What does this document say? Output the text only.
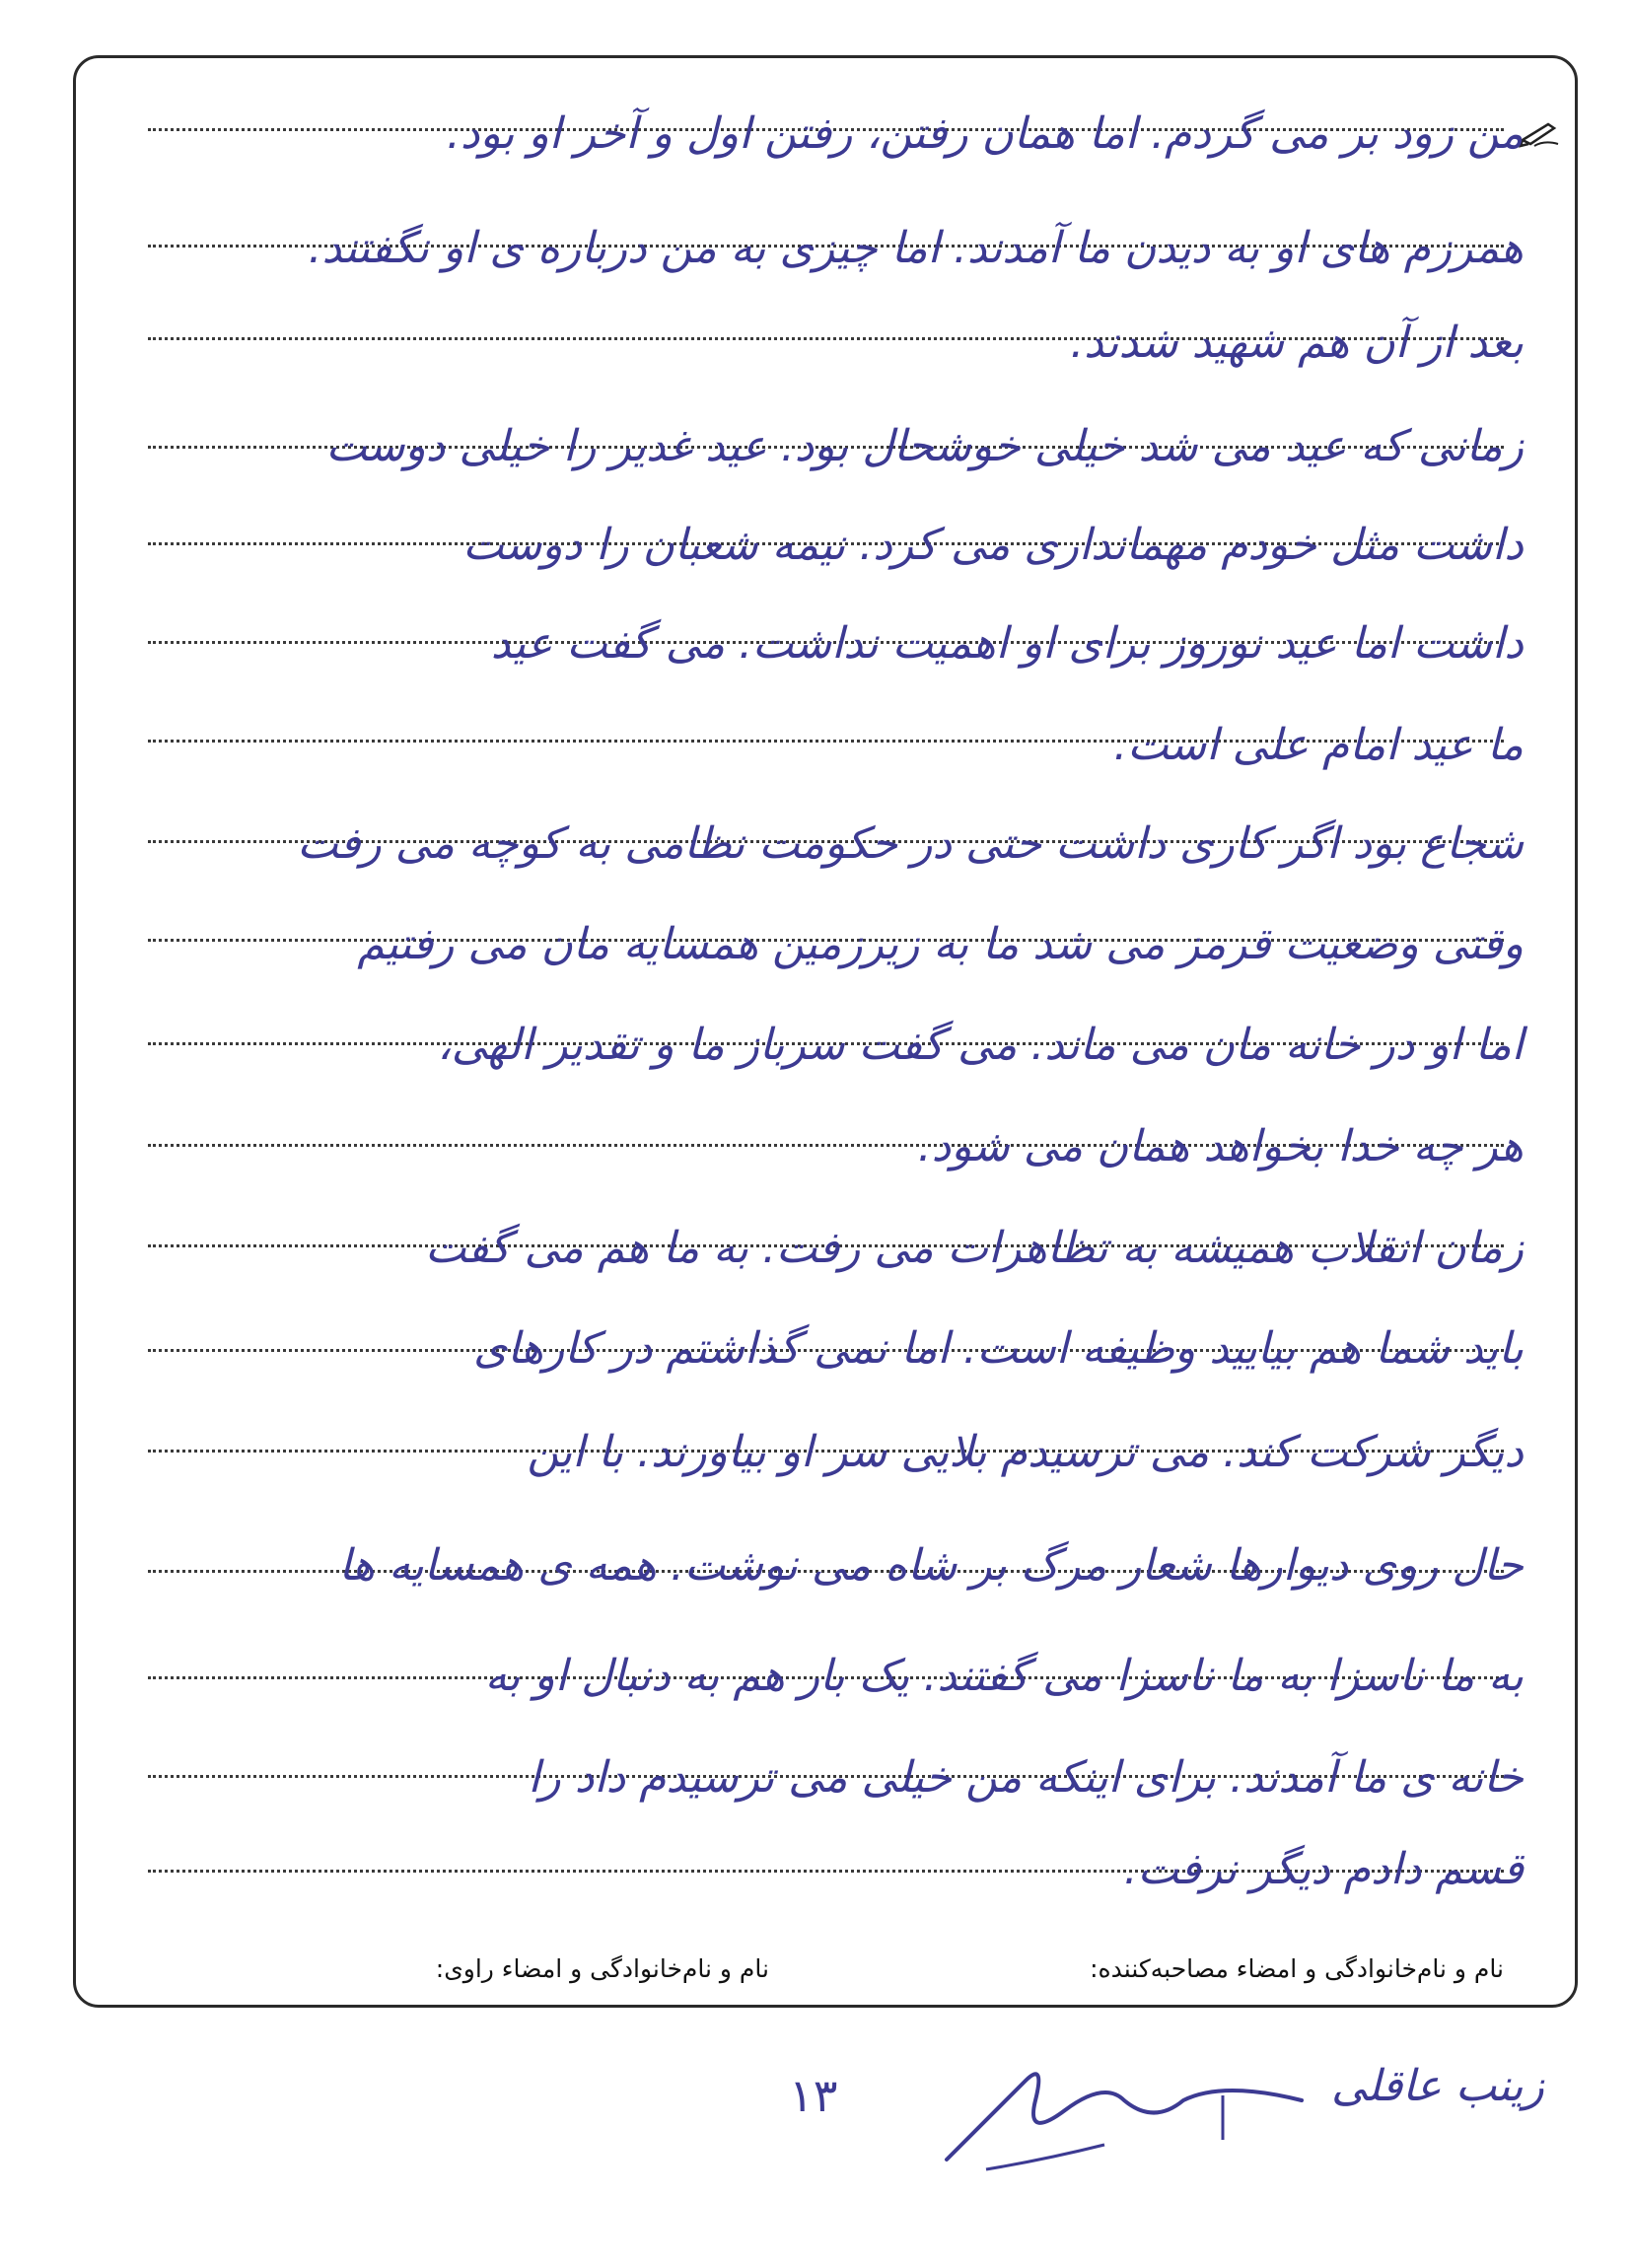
من زود بر می گردم. اما همان رفتن، رفتن اول و آخر او بود.
همرزم های او به دیدن ما آمدند. اما چیزی به من درباره ی او نگفتند.
بعد از آن هم شهید شدند.
زمانی که عید می شد خیلی خوشحال بود. عید غدیر را خیلی دوست
داشت مثل خودم مهمانداری می کرد. نیمه شعبان را دوست
داشت اما عید نوروز برای او اهمیت نداشت. می گفت عید
ما عید امام علی است.
شجاع بود اگر کاری داشت حتی در حکومت نظامی به کوچه می رفت
وقتی وضعیت قرمز می شد ما به زیرزمین همسایه مان می رفتیم
اما او در خانه مان می ماند. می گفت سرباز ما و تقدیر الهی،
هر چه خدا بخواهد همان می شود.
زمان انقلاب همیشه به تظاهرات می رفت. به ما هم می گفت
باید شما هم بیایید وظیفه است. اما نمی گذاشتم در کارهای
دیگر شرکت کند. می ترسیدم بلایی سر او بیاورند. با این
حال روی دیوارها شعار مرگ بر شاه می نوشت. همه ی همسایه ها
به ما ناسزا به ما ناسزا می گفتند. یک بار هم به دنبال او به
خانه ی ما آمدند. برای اینکه من خیلی می ترسیدم داد را
قسم دادم دیگر نرفت.
نام و نام‌خانوادگی و امضاء مصاحبه‌کننده:
نام و نام‌خانوادگی و امضاء راوی:
۱۳	زینب عاقلی
